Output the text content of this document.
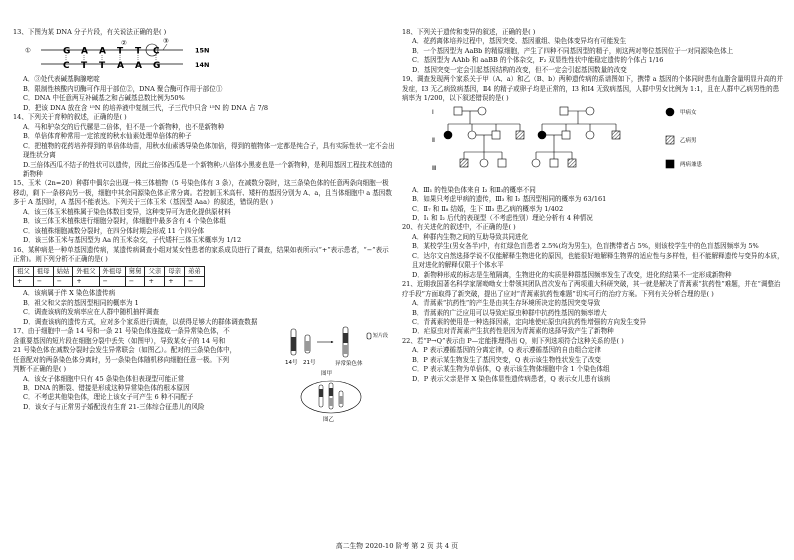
13、下图为某 DNA 分子片段，有关说法正确的是( )
①
②	③
G A A T T C
C T T A A G
15N
14N
A．③处代表碱基胸腺嘧啶
B．限制性核酸内切酶可作用于部位②，DNA 聚合酶可作用于部位①
C．DNA 中任意两互补碱基之和占碱基总数比例为50%
D．把该 DNA 放在含 ¹⁵N 的培养液中复制三代，子三代中只含 ¹⁵N 的 DNA 占 7/8
14、下列关于育种的叙述，正确的是( )
A．马和驴杂交的后代骡是二倍体，但不是一个新物种，也不是新物种
B．单倍体育种常用一定浓度的秋水仙素处理单倍体的种子
C．把植物的花药培养得到的单倍体幼苗，用秋水仙素诱导染色体加倍，得到的植物体一定都是纯合子，具有实际性状一定不会出现性状分离
D.三倍体西瓜不结子的性状可以遗传，因此三倍体西瓜是一个新物种;八倍体小黑麦也是一个新物种，是利用基因工程技术创造的新物种
15、玉米（2n=20）种群中偶尔会出现一株三体植物（5 号染色体有 3 条），在减数分裂时，这三条染色体的任意两条向细胞一极移动，剩下一条移向另一极，细胞中其余同源染色体正常分离。若控制玉米高杆、矮杆的基因分别为 A、a，且当体细胞中 a 基因数多于 A 基因时，A 基因不能表达。下列关于三体玉米（基因型 Aaa）的叙述，错误的是( )
A．该三体玉米植株属于染色体数目变异，这种变异可为进化提供原材料
B．该三体玉米植株进行细胞分裂时，体细胞中最多含有 4 个染色体组
C．该植株细胞减数分裂时，在四分体时期会形成 11 个四分体
D．该三体玉米与基因型为 Aa 的玉米杂交，子代矮杆三体玉米概率为 1/12
16、某种病是一种单基因遗传病，某遗传病调查小组对某女性患者的家系成员进行了调查，结果如表所示(“+”表示患者，“−”表示正常)。则下列分析不正确的是( )
祖父	祖母	姑姑	外祖父	外祖母	舅舅	父亲	母亲	弟弟
+	−	−	+	−	−	+	+	−
A．该病属于伴 X 染色体遗传病
B．祖父和父亲的基因型相同的概率为 1
C．调查该病的发病率应在人群中随机抽样调查
D．调查该病的遗传方式，应对多个家系进行调查，以获得足够大的群体调查数据
17、由于细胞中一条 14 号和一条 21 号染色体连接成一条异常染色体，不
含重要基因的短片段在细胞分裂中丢失（如图甲），导致某女子的 14 号和
21 号染色体在减数分裂时会发生异常联会（如图乙）。配对的三条染色体中，
任意配对的两条染色体分离时，另一条染色体随机移向细胞任意一极。下列
判断不正确的是( )
A．该女子体细胞中只有 45 条染色体但表现型可能正常
B．DNA 的断裂、错接是形成这种异常染色体的根本原因
C．不考虑其他染色体，理论上该女子可产生 6 种不同配子
D．该女子与正常男子婚配没有生育 21-三体综合征患儿的风险
14号 21号
短片段
异常染色体
图甲
图乙
18、下列关于遗传和变异的叙述，正确的是( )
A．花药离体培养过程中，基因突变、基因重组、染色体变异均有可能发生
B．一个基因型为 AaBb 的精原细胞，产生了四种不同基因型的精子，则这两对等位基因位于一对同源染色体上
C．基因型为 AAbb 和 aaBB 的个体杂交，F₂ 双显性性状中能稳定遗传的个体占 1/16
D．基因突变一定会引起基因结构的改变，但不一定会引起基因数量的改变
19、调查发现两个家系关于甲（A、a）和乙（B、b）两种遗传病的系谱图如下，携带 a 基因的个体同时患有血脂含量明显升高的并发症，Ⅰ3 无乙病致病基因，Ⅱ4 的精子或卵子均是正常的，Ⅰ3 和Ⅰ4 无致病基因，人群中男女比例为 1:1，且在人群中乙病男性的患病率为 1/200，以下叙述错误的是( )
Ⅰ
Ⅱ
Ⅲ
甲病女
乙病男
两病兼患
A．Ⅲ₁ 的性染色体来自 I₂ 和Ⅱ₃的概率不同
B．如果只考虑甲病的遗传，Ⅲ₃ 和 I₂ 基因型相同的概率为 63/161
C．Ⅱ₇ 和 Ⅱ₈ 结婚，生下 Ⅲ₃ 患乙病的概率为 1/402
D．I₁ 和 I₂ 后代的表现型（不考虑性别）理论分析有 4 种情况
20、有关进化的叙述中，不正确的是( )
A．种群内生物之间的互助导致共同进化
B．某校学生(男女各半)中，有红绿色盲患者 2.5%(均为男生)，色盲携带者占 5%，则该校学生中的色盲基因频率为 5%
C．达尔文自然选择学说不仅能解释生物进化的原因，也能很好地解释生物界的适应性与多样性，但不能解释遗传与变异的本质，且对进化的解释仅限于个体水平
D．新物种形成的标志是生殖隔离，生物进化的实质是种群基因频率发生了改变，进化的结果不一定形成新物种
21、近期我国著名科学家屠呦呦女士带领其团队首次发布了两项重大科研突破，其一就是解决了青蒿素“抗药性”难题，并在“调整治疗手段”方面取得了新突破，提出了应对“青蒿素抗药性难题”切实可行的治疗方案。下列有关分析合理的是( )
A．青蒿素“抗药性”的产生是由其生存环境所决定的基因突变导致
B．青蒿素的广泛应用可以导致疟原虫种群中抗药性基因的频率增大
C．青蒿素的使用是一种选择因素，定向地使疟原虫向抗药性增强的方向发生变异
D．疟原虫对青蒿素产生抗药性是因为青蒿素的选择导致产生了新物种
22、若“P→Q”表示由 P—定能推理得出 Q，则下列选项符合这种关系的是( )
A．P 表示遵循基因的分离定律，Q 表示遵循基因的自由组合定律
B．P 表示某生物发生了基因突变，Q 表示该生物性状发生了改变
C．P 表示某生物为单倍体，Q 表示该生物体细胞中含 1 个染色体组
D．P 表示父亲是伴 X 染色体显性遗传病患者，Q 表示女儿患有该病
高二生物 2020-10 阶考 第 2 页 共 4 页
